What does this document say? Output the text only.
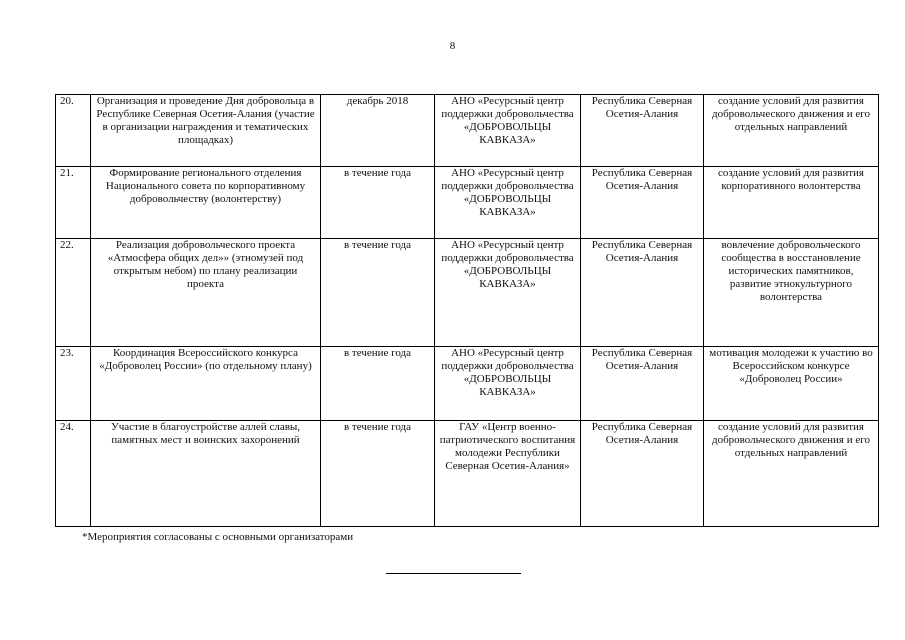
8
20.	Организация и проведение Дня добровольца в Республике Северная Осетия-Алания (участие в организации награждения и тематических площадках)	декабрь 2018	АНО «Ресурсный центр поддержки добровольчества «ДОБРОВОЛЬЦЫ КАВКАЗА»	Республика Северная Осетия-Алания	создание условий для развития добровольческого движения и его отдельных направлений
21.	Формирование регионального отделения Национального совета по корпоративному добровольчеству (волонтерству)	в течение года	АНО «Ресурсный центр поддержки добровольчества «ДОБРОВОЛЬЦЫ КАВКАЗА»	Республика Северная Осетия-Алания	создание условий для развития корпоративного волонтерства
22.	Реализация добровольческого проекта «Атмосфера общих дел»» (этномузей под открытым небом) по плану реализации проекта	в течение года	АНО «Ресурсный центр поддержки добровольчества «ДОБРОВОЛЬЦЫ КАВКАЗА»	Республика Северная Осетия-Алания	вовлечение добровольческого сообщества в восстановление исторических памятников, развитие этнокультурного волонтерства
23.	Координация Всероссийского конкурса «Доброволец России» (по отдельному плану)	в течение года	АНО «Ресурсный центр поддержки добровольчества «ДОБРОВОЛЬЦЫ КАВКАЗА»	Республика Северная Осетия-Алания	мотивация молодежи к участию во Всероссийском конкурсе «Доброволец России»
24.	Участие в благоустройстве аллей славы, памятных мест и воинских захоронений	в течение года	ГАУ «Центр военно-патриотического воспитания молодежи Республики Северная Осетия-Алания»	Республика Северная Осетия-Алания	создание условий для развития добровольческого движения и его отдельных направлений
*Мероприятия согласованы с основными организаторами
